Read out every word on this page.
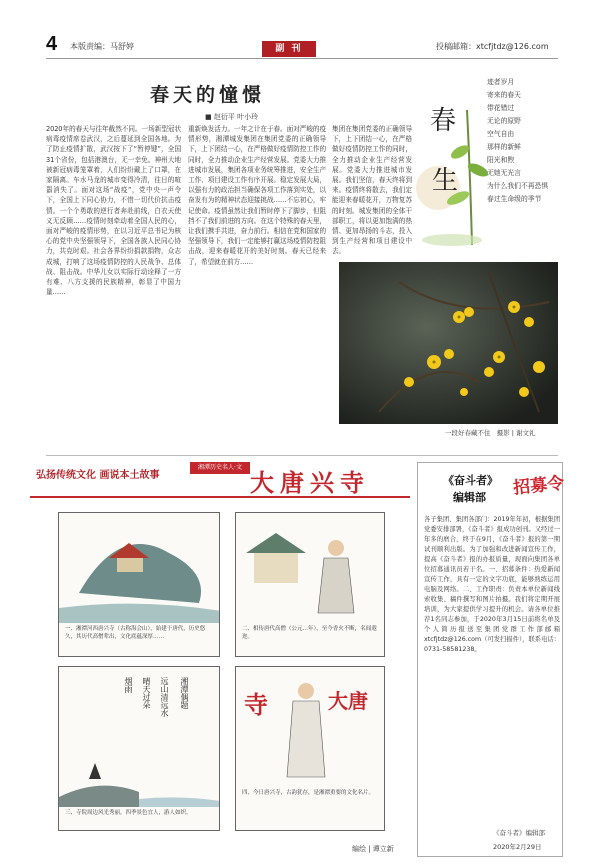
4 本版责编：马舒婷	副 刊	投稿邮箱：xtcfjtdz@126.com
春天的憧憬
■ 赵衍平 叶小玲
2020年的春天与往年截然不同。一场新型冠状病毒疫情席卷武汉，之后蔓延到全国各地。为了防止疫情扩散，武汉按下了“暂停键”，全国31个省份，包括港澳台，无一幸免。神州大地被新冠病毒笼罩着，人们纷纷戴上了口罩，在家隔离。车水马龙的城市变得冷清，往日的喧嚣消失了。面对这场“战疫”，党中央一声令下，全国上下同心协力，不惜一切代价抗击疫情。一个个勇敢的逆行者奔赴前线，白衣天使义无反顾……疫情时刻牵动着全国人民的心，面对严峻的疫情形势，在以习近平总书记为核心的党中央坚强领导下，全国各族人民同心协力，共克时艰。社会各界纷纷捐款捐物，众志成城，打响了这场疫情防控的人民战争、总体战、阻击战。中华儿女以实际行动诠释了一方有难、八方支援的民族精神，彰显了中国力量……
重新焕发活力。一年之计在于春。面对严峻的疫情形势，湘潭城发集团在集团党委的正确领导下，上下团结一心，在严格做好疫情防控工作的同时，全力推动企业生产经营发展。党委大力推进城市发展，集团各项业务统筹推进，安全生产工作、项目建设工作有序开展。稳定发展大局，以强有力的政治担当确保各项工作落到实处，以奋发有为的精神状态迎接挑战……不忘初心，牢记使命。疫情虽然让我们暂时停下了脚步，但阻挡不了我们前进的方向。在这个特殊的春天里，让我们携手共进，奋力前行。相信在党和国家的坚强领导下，我们一定能够打赢这场疫情防控阻击战，迎来春暖花开的美好时刻。春天已经来了，希望就在前方……
集团在集团党委的正确领导下，上下团结一心，在严格做好疫情防控工作的同时，全力推动企业生产经营发展。党委大力推进城市发展。我们坚信，春天终将到来。疫情终将散去，我们定能迎来春暖花开，万物复苏的时刻。城发集团的全体干部职工，将以更加饱满的热情、更加昂扬的斗志，投入到生产经营和项目建设中去。
春
生
迹者岁月
寄来的春天
带花错过
无论的原野
空气自由
那样的新鲜
阳光和煦
无她无光言
为什么我们不再恐惧
春过生命级的季节
一段好春藏不住 摄影 | 谢文礼
弘扬传统文化 画说本土故事
湘潭历史名人·文
大唐兴寺
一、湘潭河西唐兴寺（古称海会山），始建于唐代，历史悠久，其历代高僧辈出，文化底蕴深厚……
二、相传唐代高僧（公元…年），至今香火不断，名闻遐迩。
湘潭偶题
远山清远水
晴天过朵
烟雨
三、寺院周边风光秀丽，四季景色宜人，游人如织。
寺	大唐
四、今日唐兴寺，古韵犹存，是湘潭重要的文化名片。
编绘 | 谭立新
《奋斗者》
编辑部 招募令
各子集团、集团各部门：2019年年初，根据集团党委安排部署，《奋斗者》报成功创刊。又经过一年多的磨合，终于在9月，《奋斗者》报的第一期试刊顺利出版。为了加强和改进新闻宣传工作，提高《奋斗者》报的办报质量，现面向集团各单位招募通讯员若干名。一、招募条件：热爱新闻宣传工作，具有一定的文字功底，能够熟练运用电脑及网络。二、工作职责：负责本单位新闻线索收集、稿件撰写和图片拍摄。我们将定期开展培训，为大家提供学习提升的机会。请各单位推荐1名同志参加，于2020年3月15日前将名单及个人简历报送至集团党群工作部邮箱xtcfjtdz@126.com（可发扫描件），联系电话：0731-58581238。
《奋斗者》编辑部
2020年2月29日
